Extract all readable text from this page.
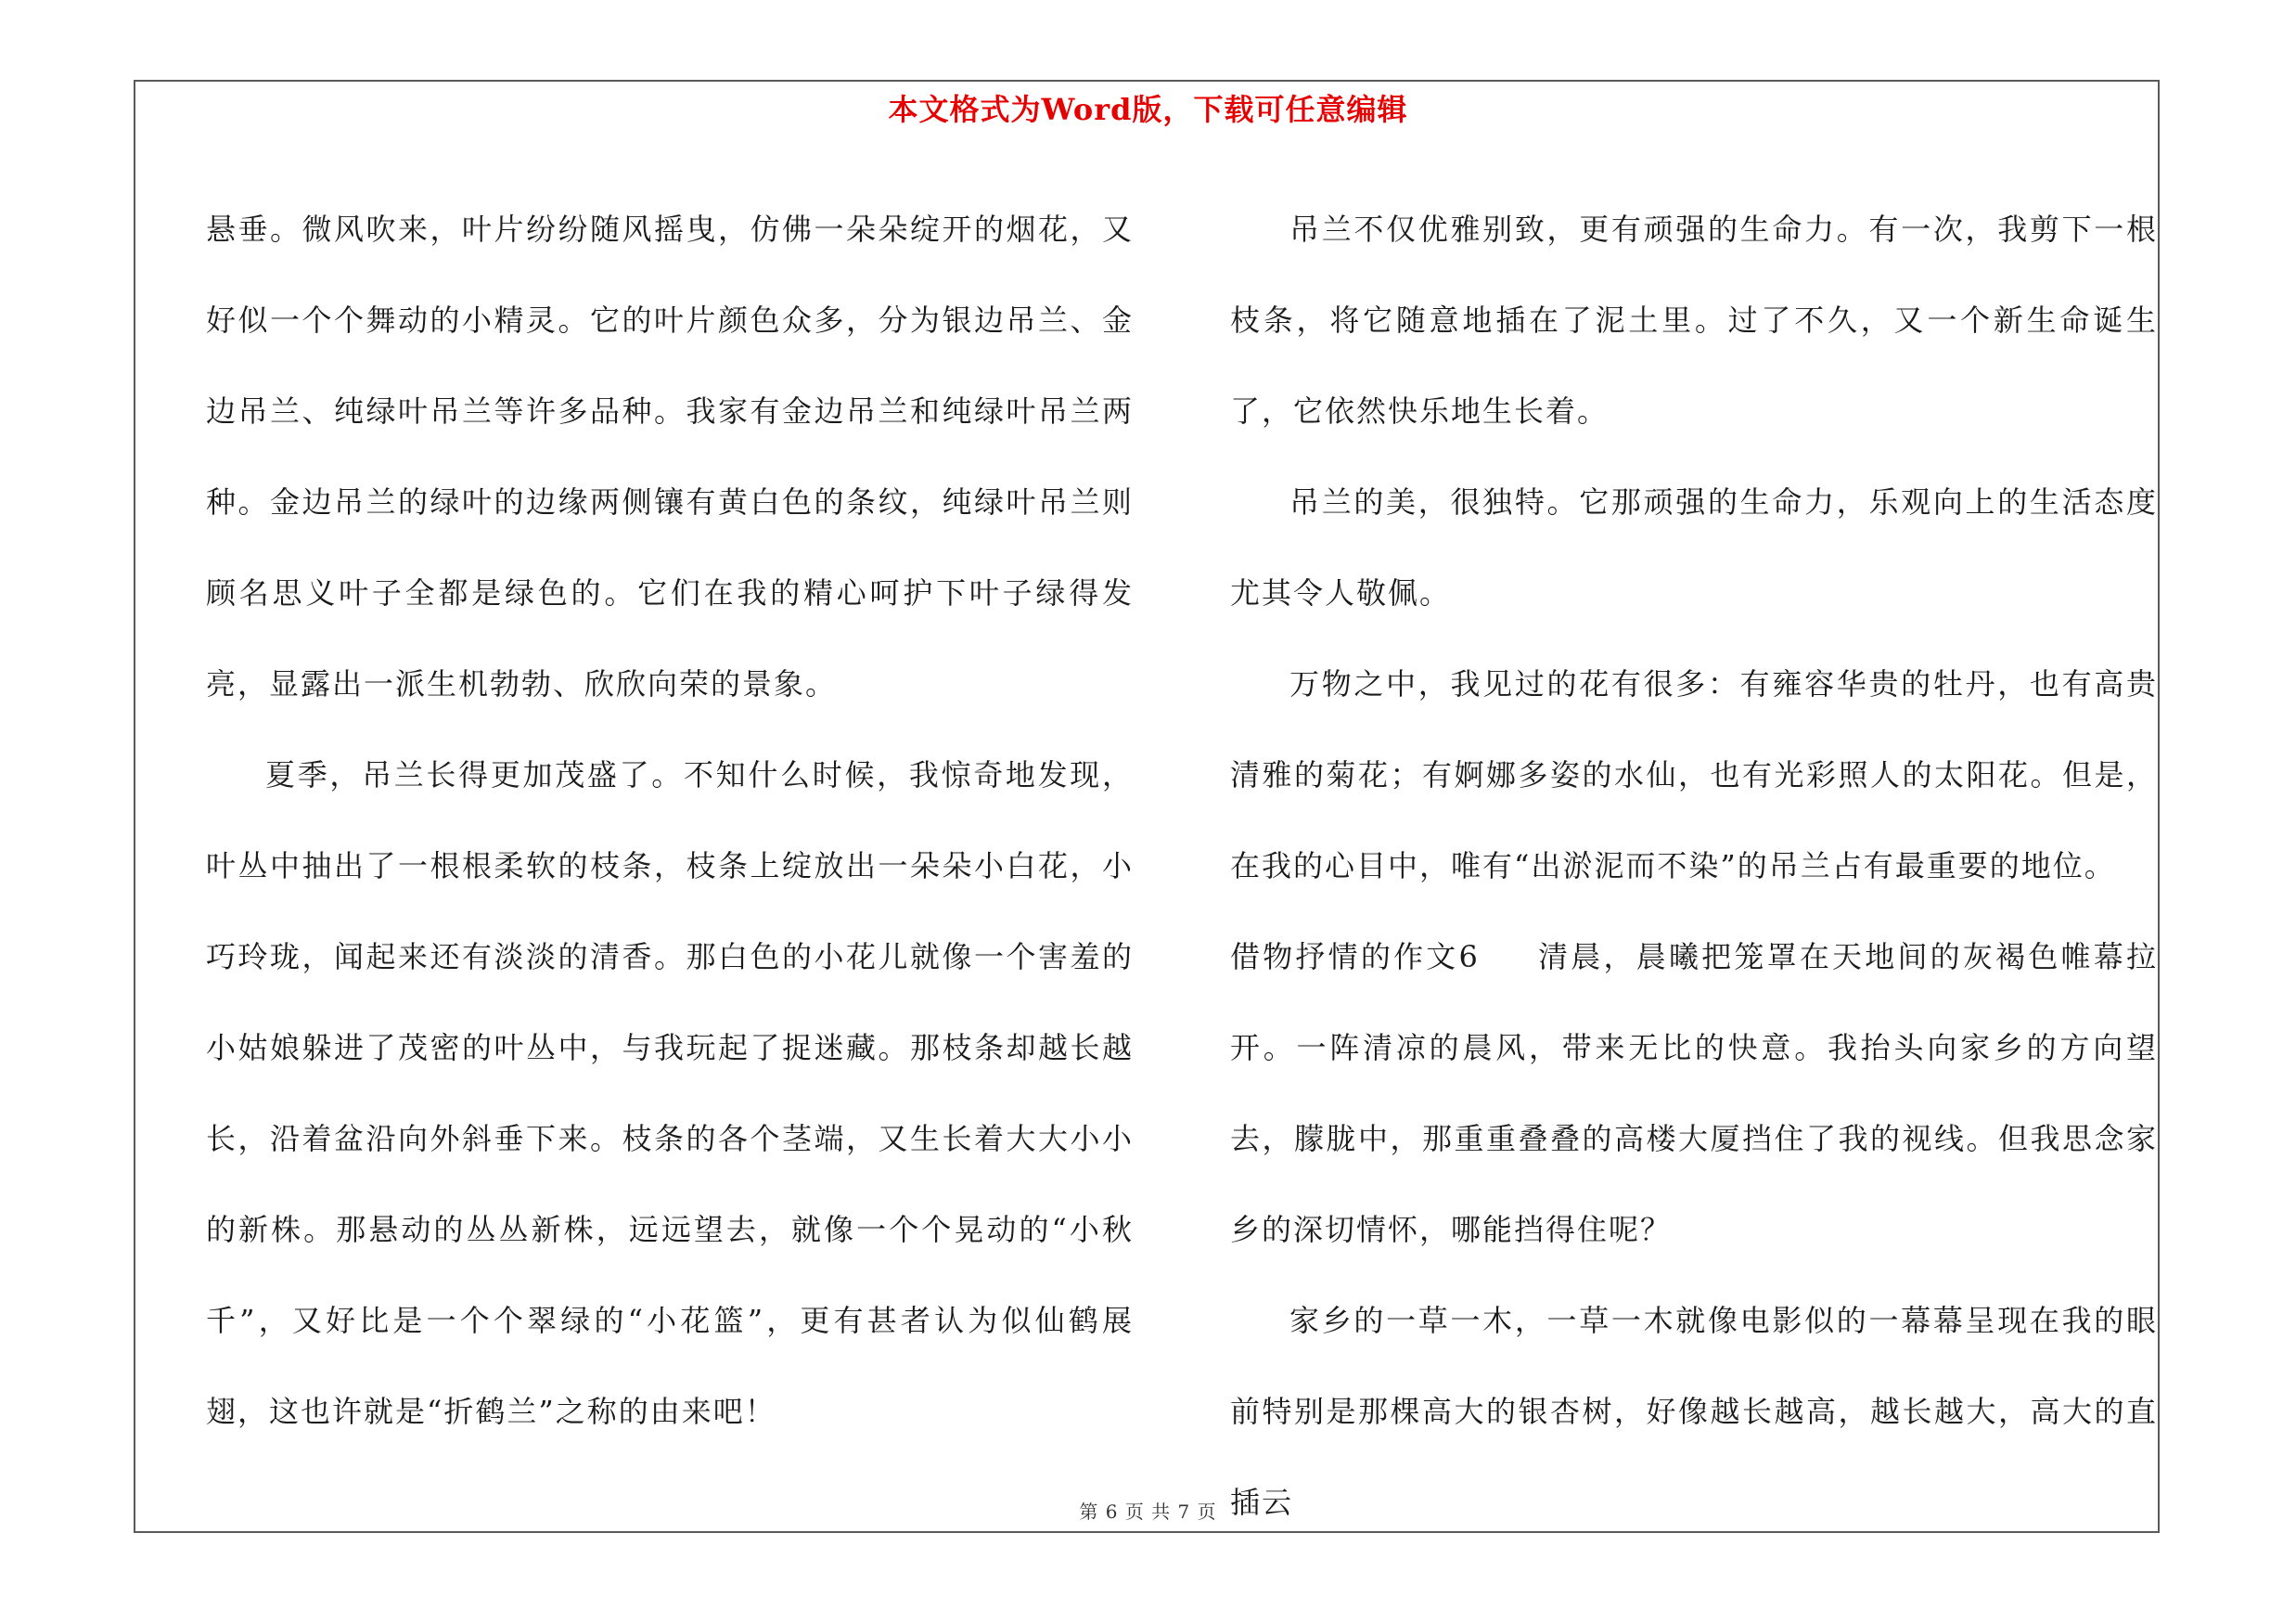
本文格式为Word版，下载可任意编辑

悬垂。微风吹来，叶片纷纷随风摇曳，仿佛一朵朵绽开的烟花，又好似一个个舞动的小精灵。它的叶片颜色众多，分为银边吊兰、金边吊兰、纯绿叶吊兰等许多品种。我家有金边吊兰和纯绿叶吊兰两种。金边吊兰的绿叶的边缘两侧镶有黄白色的条纹，纯绿叶吊兰则顾名思义叶子全都是绿色的。它们在我的精心呵护下叶子绿得发亮，显露出一派生机勃勃、欣欣向荣的景象。

夏季，吊兰长得更加茂盛了。不知什么时候，我惊奇地发现，叶丛中抽出了一根根柔软的枝条，枝条上绽放出一朵朵小白花，小巧玲珑，闻起来还有淡淡的清香。那白色的小花儿就像一个害羞的小姑娘躲进了茂密的叶丛中，与我玩起了捉迷藏。那枝条却越长越长，沿着盆沿向外斜垂下来。枝条的各个茎端，又生长着大大小小的新株。那悬动的丛丛新株，远远望去，就像一个个晃动的“小秋千”，又好比是一个个翠绿的“小花篮”，更有甚者认为似仙鹤展翅，这也许就是“折鹤兰”之称的由来吧！

吊兰不仅优雅别致，更有顽强的生命力。有一次，我剪下一根枝条，将它随意地插在了泥土里。过了不久，又一个新生命诞生了，它依然快乐地生长着。

吊兰的美，很独特。它那顽强的生命力，乐观向上的生活态度尤其令人敬佩。

万物之中，我见过的花有很多：有雍容华贵的牡丹，也有高贵清雅的菊花；有婀娜多姿的水仙，也有光彩照人的太阳花。但是，在我的心目中，唯有“出淤泥而不染”的吊兰占有最重要的地位。

借物抒情的作文6 清晨，晨曦把笼罩在天地间的灰褐色帷幕拉开。一阵清凉的晨风，带来无比的快意。我抬头向家乡的方向望去，朦胧中，那重重叠叠的高楼大厦挡住了我的视线。但我思念家乡的深切情怀，哪能挡得住呢？

家乡的一草一木，一草一木就像电影似的一幕幕呈现在我的眼前特别是那棵高大的银杏树，好像越长越高，越长越大，高大的直插云

第 6 页 共 7 页
